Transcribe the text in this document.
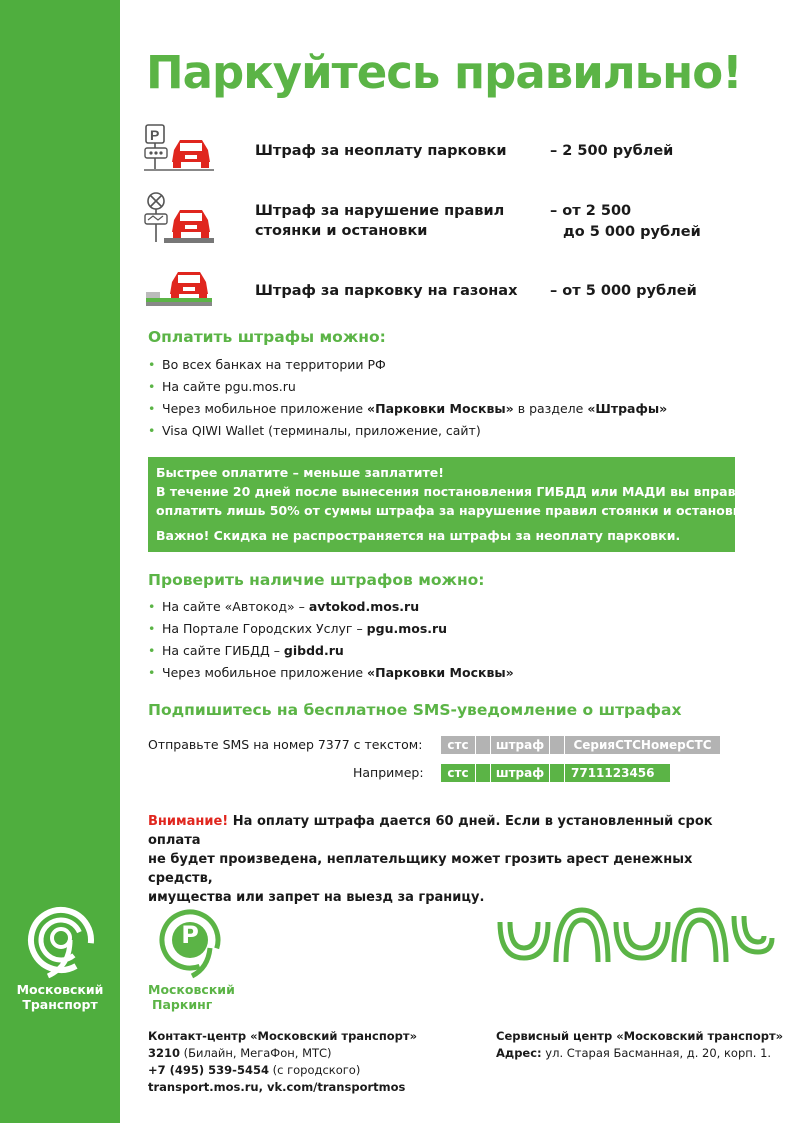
Паркуйтесь правильно!
P
Штраф за неоплату парковки	– 2 500 рублей
Штраф за нарушение правил
стоянки и остановки
– от 2 500
до 5 000 рублей
Штраф за парковку на газонах – от 5 000 рублей
Оплатить штрафы можно:
• Во всех банках на территории РФ
• На сайте pgu.mos.ru
• Через мобильное приложение «Парковки Москвы» в разделе «Штрафы»
• Visa QIWI Wallet (терминалы, приложение, сайт)

Быстрее оплатите – меньше заплатите!

В течение 20 дней после вынесения постановления ГИБДД или МАДИ вы вправе

оплатить лишь 50% от суммы штрафа за нарушение правил стоянки и остановки.

Важно! Скидка не распространяется на штрафы за неоплату парковки.

Проверить наличие штрафов можно:
• На сайте «Автокод» – avtokod.mos.ru
• На Портале Городских Услуг – pgu.mos.ru
• На сайте ГИБДД – gibdd.ru
• Через мобильное приложение «Парковки Москвы»
Подпишитесь на бесплатное SMS-уведомление о штрафах
Отправьте SMS на номер 7377 с текстом:	стс	штраф	СерияСТСНомерСТС
Например:	стс	штраф	7711123456
Внимание! На оплату штрафа дается 60 дней. Если в установленный срок оплата
не будет произведена, неплательщику может грозить арест денежных средств,
имущества или запрет на выезд за границу.
Московский
Транспорт
P
Московский
Паркинг
Контакт-центр «Московский транспорт»
3210 (Билайн, МегаФон, МТС)
+7 (495) 539-5454 (с городского)
transport.mos.ru, vk.com/transportmos
Сервисный центр «Московский транспорт»
Адрес: ул. Старая Басманная, д. 20, корп. 1.
